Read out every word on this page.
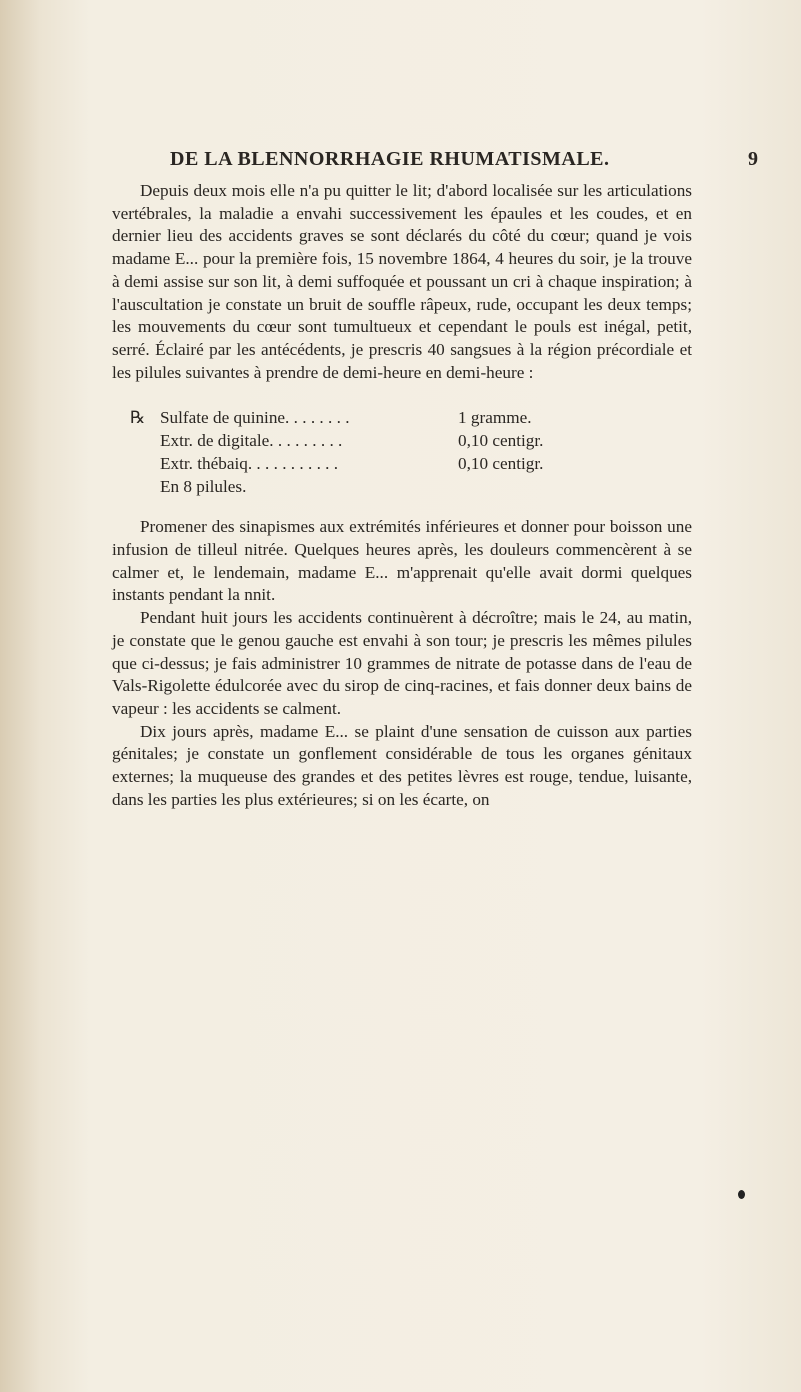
DE LA BLENNORRHAGIE RHUMATISMALE.	9

Depuis deux mois elle n'a pu quitter le lit; d'abord localisée sur les articulations vertébrales, la maladie a envahi successivement les épaules et les coudes, et en dernier lieu des accidents graves se sont déclarés du côté du cœur; quand je vois madame E... pour la première fois, 15 novembre 1864, 4 heures du soir, je la trouve à demi assise sur son lit, à demi suffoquée et poussant un cri à chaque inspiration; à l'auscultation je constate un bruit de souffle râpeux, rude, occupant les deux temps; les mouvements du cœur sont tumultueux et cependant le pouls est inégal, petit, serré. Éclairé par les antécédents, je prescris 40 sangsues à la région précordiale et les pilules suivantes à prendre de demi-heure en demi-heure :

℞ Sulfate de quinine. . . . . . . .	1 gramme.
Extr. de digitale. . . . . . . . .	0,10 centigr.
Extr. thébaiq. . . . . . . . . . .	0,10 centigr.
En 8 pilules.

Promener des sinapismes aux extrémités inférieures et donner pour boisson une infusion de tilleul nitrée. Quelques heures après, les douleurs commencèrent à se calmer et, le lendemain, madame E... m'apprenait qu'elle avait dormi quelques instants pendant la nnit.

Pendant huit jours les accidents continuèrent à décroître; mais le 24, au matin, je constate que le genou gauche est envahi à son tour; je prescris les mêmes pilules que ci-dessus; je fais administrer 10 grammes de nitrate de potasse dans de l'eau de Vals-Rigolette édulcorée avec du sirop de cinq-racines, et fais donner deux bains de vapeur : les accidents se calment.

Dix jours après, madame E... se plaint d'une sensation de cuisson aux parties génitales; je constate un gonflement considérable de tous les organes génitaux externes; la muqueuse des grandes et des petites lèvres est rouge, tendue, luisante, dans les parties les plus extérieures; si on les écarte, on
